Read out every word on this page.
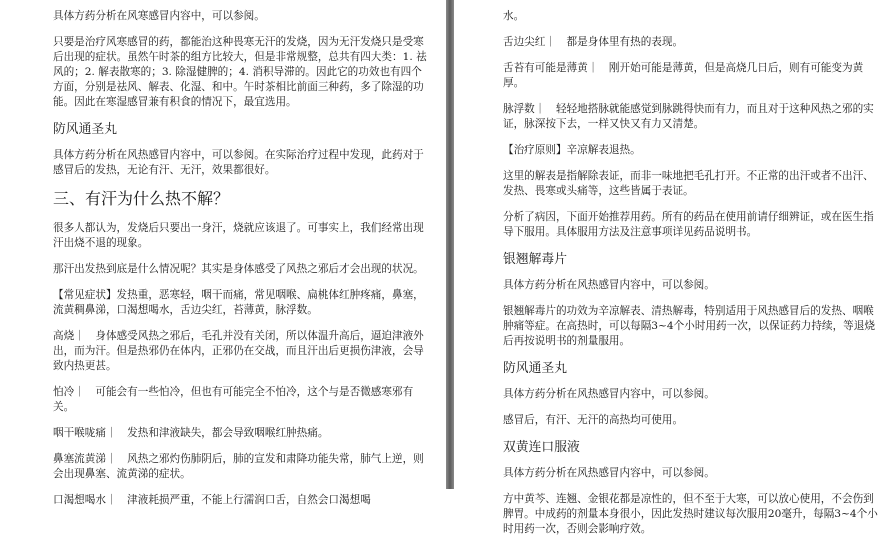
具体方药分析在风寒感冒内容中，可以参阅。

只要是治疗风寒感冒的药，都能治这种畏寒无汗的发烧，因为无汗发烧只是受寒后出现的症状。虽然午时茶的组方比较大，但是非常规整，总共有四大类：1. 祛风的；2. 解表散寒的；3. 除湿健脾的；4. 消积导滞的。因此它的功效也有四个方面，分别是祛风、解表、化湿、和中。午时茶相比前面三种药，多了除湿的功能。因此在寒湿感冒兼有积食的情况下，最宜选用。

防风通圣丸

具体方药分析在风热感冒内容中，可以参阅。在实际治疗过程中发现，此药对于感冒后的发热，无论有汗、无汗，效果都很好。

三、有汗为什么热不解？

很多人都认为，发烧后只要出一身汗，烧就应该退了。可事实上，我们经常出现汗出烧不退的现象。

那汗出发热到底是什么情况呢？其实是身体感受了风热之邪后才会出现的状况。

【常见症状】发热重，恶寒轻，咽干而痛，常见咽喉、扁桃体红肿疼痛，鼻塞，流黄稠鼻涕，口渴想喝水，舌边尖红，苔薄黄，脉浮数。

高烧｜　身体感受风热之邪后，毛孔并没有关闭，所以体温升高后，逼迫津液外出，而为汗。但是热邪仍在体内，正邪仍在交战，而且汗出后更损伤津液，会导致内热更甚。

怕冷｜　可能会有一些怕冷，但也有可能完全不怕冷，这个与是否微感寒邪有关。

咽干喉咙痛｜　发热和津液缺失，都会导致咽喉红肿热痛。

鼻塞流黄涕｜　风热之邪灼伤肺阴后，肺的宣发和肃降功能失常，肺气上逆，则会出现鼻塞、流黄涕的症状。

口渴想喝水｜　津液耗损严重，不能上行濡润口舌，自然会口渴想喝

水。

舌边尖红｜　都是身体里有热的表现。

舌苔有可能是薄黄｜　刚开始可能是薄黄，但是高烧几日后，则有可能变为黄厚。

脉浮数｜　轻轻地搭脉就能感觉到脉跳得快而有力，而且对于这种风热之邪的实证，脉深按下去，一样又快又有力又清楚。

【治疗原则】辛凉解表退热。

这里的解表是指解除表证，而非一味地把毛孔打开。不正常的出汗或者不出汗、发热、畏寒或头痛等，这些皆属于表证。

分析了病因，下面开始推荐用药。所有的药品在使用前请仔细辨证，或在医生指导下服用。具体服用方法及注意事项详见药品说明书。

银翘解毒片

具体方药分析在风热感冒内容中，可以参阅。

银翘解毒片的功效为辛凉解表、清热解毒，特别适用于风热感冒后的发热、咽喉肿痛等症。在高热时，可以每隔3~4个小时用药一次，以保证药力持续，等退烧后再按说明书的剂量服用。

防风通圣丸

具体方药分析在风热感冒内容中，可以参阅。

感冒后，有汗、无汗的高热均可使用。

双黄连口服液

具体方药分析在风热感冒内容中，可以参阅。

方中黄芩、连翘、金银花都是凉性的，但不至于大寒，可以放心使用，不会伤到脾胃。中成药的剂量本身很小，因此发热时建议每次服用20毫升，每隔3~4个小时用药一次，否则会影响疗效。
